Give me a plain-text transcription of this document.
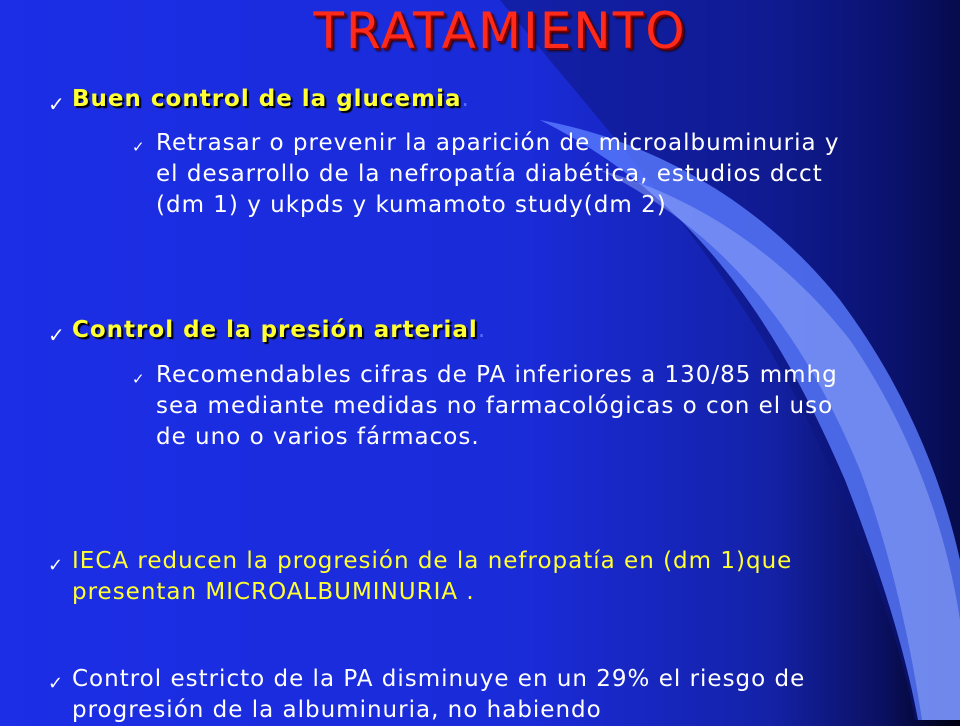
TRATAMIENTO
✓ Buen control de la glucemia.
✓ Retrasar o prevenir la aparición de microalbuminuria y el desarrollo de la nefropatía diabética, estudios dcct (dm 1) y ukpds y kumamoto study(dm 2)
✓ Control de la presión arterial.
✓ Recomendables cifras de PA inferiores a 130/85 mmhg sea mediante medidas no farmacológicas o con el uso de uno o varios fármacos.
✓ IECA reducen la progresión de la nefropatía en (dm 1)que presentan MICROALBUMINURIA .
✓ Control estricto de la PA disminuye en un 29% el riesgo de progresión de la albuminuria, no habiendo
